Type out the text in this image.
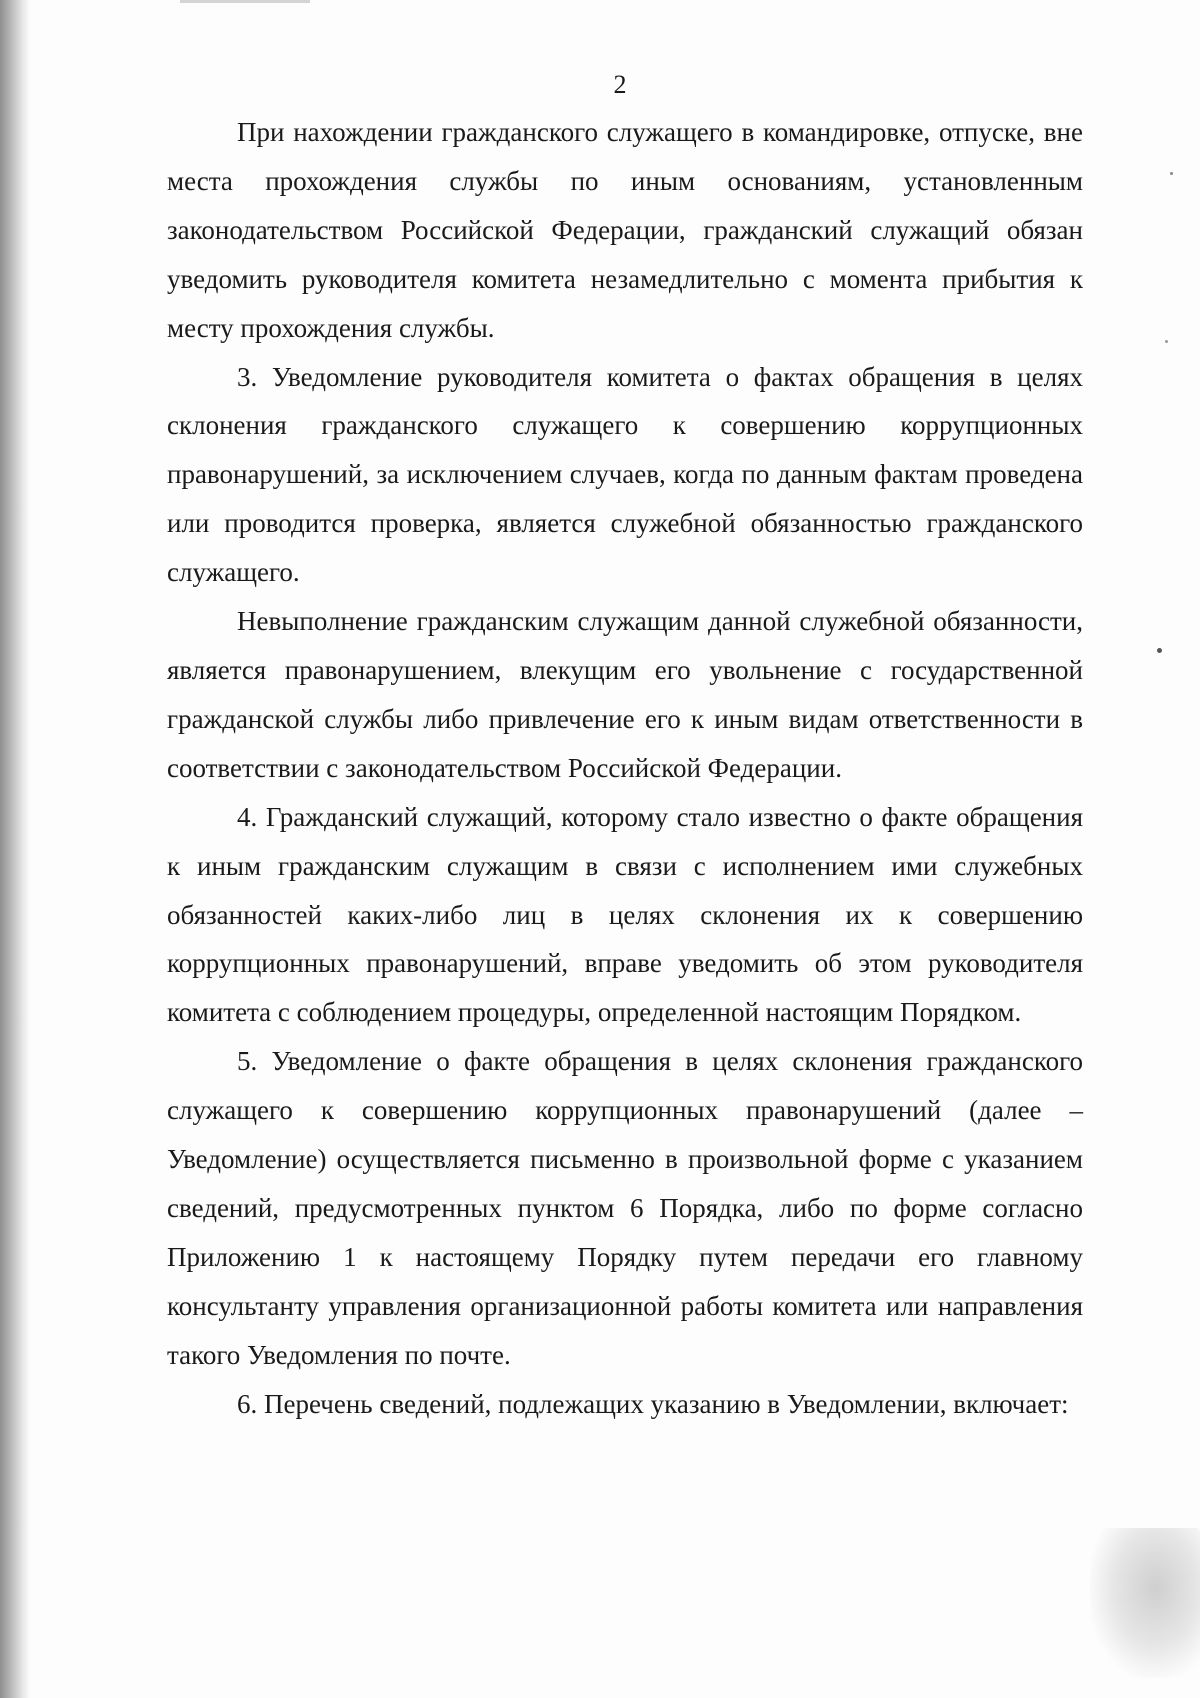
2

При нахождении гражданского служащего в командировке, отпуске, вне места прохождения службы по иным основаниям, установленным законодательством Российской Федерации, гражданский служащий обязан уведомить руководителя комитета незамедлительно с момента прибытия к месту прохождения службы.

3. Уведомление руководителя комитета о фактах обращения в целях склонения гражданского служащего к совершению коррупционных правонарушений, за исключением случаев, когда по данным фактам проведена или проводится проверка, является служебной обязанностью гражданского служащего.

Невыполнение гражданским служащим данной служебной обязанности, является правонарушением, влекущим его увольнение с государственной гражданской службы либо привлечение его к иным видам ответственности в соответствии с законодательством Российской Федерации.

4. Гражданский служащий, которому стало известно о факте обращения к иным гражданским служащим в связи с исполнением ими служебных обязанностей каких-либо лиц в целях склонения их к совершению коррупционных правонарушений, вправе уведомить об этом руководителя комитета с соблюдением процедуры, определенной настоящим Порядком.

5. Уведомление о факте обращения в целях склонения гражданского служащего к совершению коррупционных правонарушений (далее – Уведомление) осуществляется письменно в произвольной форме с указанием сведений, предусмотренных пунктом 6 Порядка, либо по форме согласно Приложению 1 к настоящему Порядку путем передачи его главному консультанту управления организационной работы комитета или направления такого Уведомления по почте.

6. Перечень сведений, подлежащих указанию в Уведомлении, включает:
